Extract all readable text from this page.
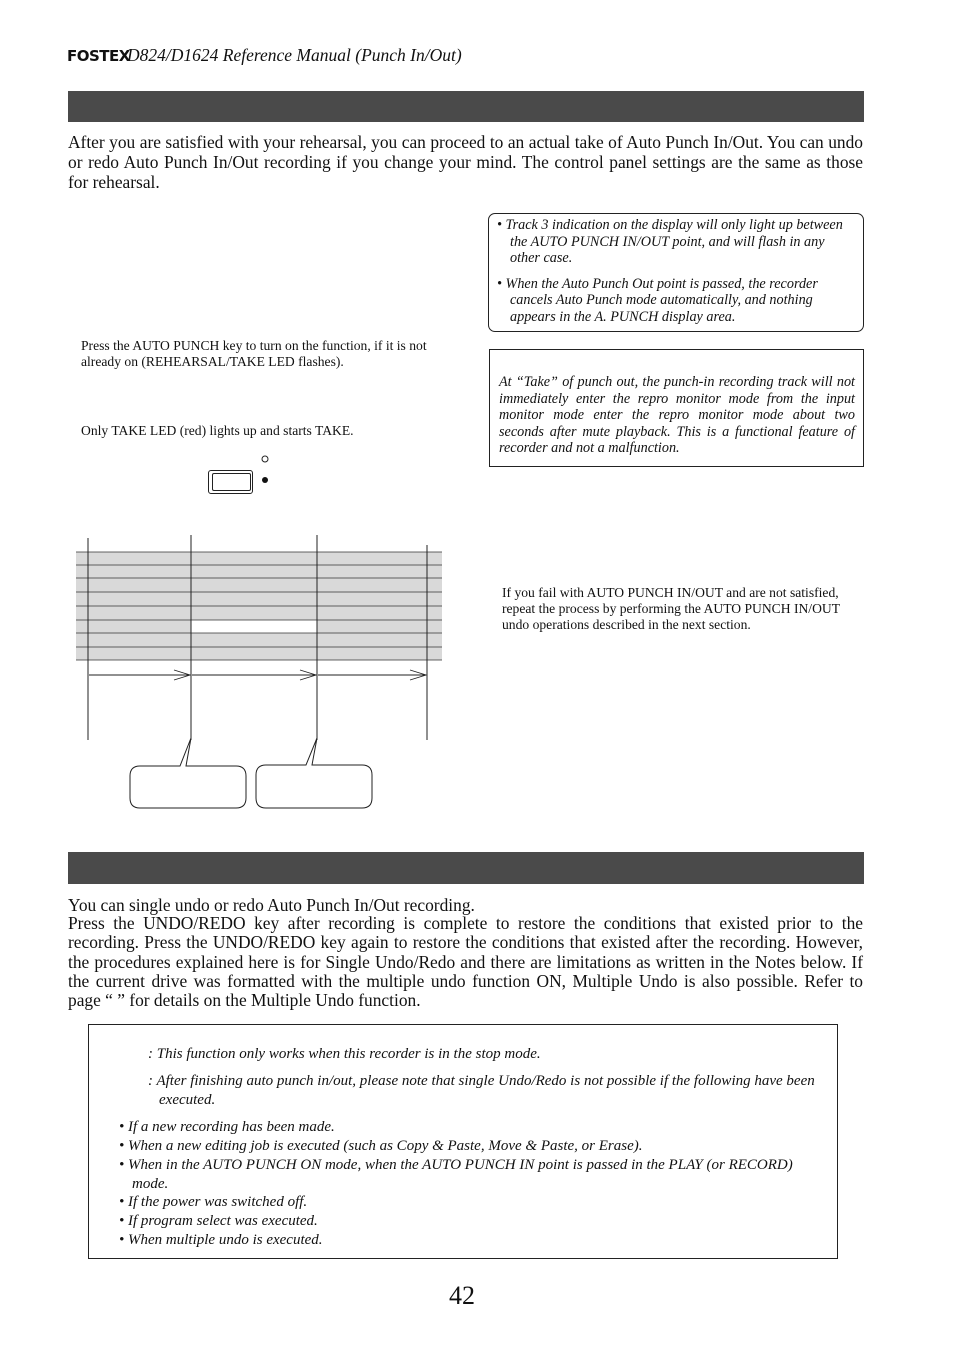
FOSTEX
D824/D1624 Reference Manual (Punch In/Out)
After you are satisfied with your rehearsal, you can proceed to an actual take of Auto Punch In/Out. You can undo or redo Auto Punch In/Out recording if you change your mind. The control panel settings are the same as those for rehearsal.

• Track 3 indication on the display will only light up between the AUTO PUNCH IN/OUT point, and will flash in any other case.

• When the Auto Punch Out point is passed, the recorder cancels Auto Punch mode automatically, and nothing appears in the A. PUNCH display area.

Press the AUTO PUNCH key to turn on the function, if it is not already on (REHEARSAL/TAKE LED flashes).
Only TAKE LED (red) lights up and starts TAKE.
At “Take” of punch out, the punch-in recording track will not immediately enter the repro monitor mode from the input monitor mode enter the repro monitor mode about two seconds after mute playback. This is a functional feature of recorder and not a malfunction.
If you fail with AUTO PUNCH IN/OUT and are not satisfied, repeat the process by performing the AUTO PUNCH IN/OUT undo operations described in the next section.
You can single undo or redo Auto Punch In/Out recording.
Press the UNDO/REDO key after recording is complete to restore the conditions that existed prior to the recording. Press the UNDO/REDO key again to restore the conditions that existed after the recording. However, the procedures explained here is for Single Undo/Redo and there are limitations as written in the Notes below. If the current drive was formatted with the multiple undo function ON, Multiple Undo is also possible. Refer to page “ ” for details on the Multiple Undo function.
: This function only works when this recorder is in the stop mode.
: After finishing auto punch in/out, please note that single Undo/Redo is not possible if the following have been executed.
• If a new recording has been made.
• When a new editing job is executed (such as Copy & Paste, Move & Paste, or Erase).
• When in the AUTO PUNCH ON mode, when the AUTO PUNCH IN point is passed in the PLAY (or RECORD) mode.
• If the power was switched off.
• If program select was executed.
• When multiple undo is executed.
42
